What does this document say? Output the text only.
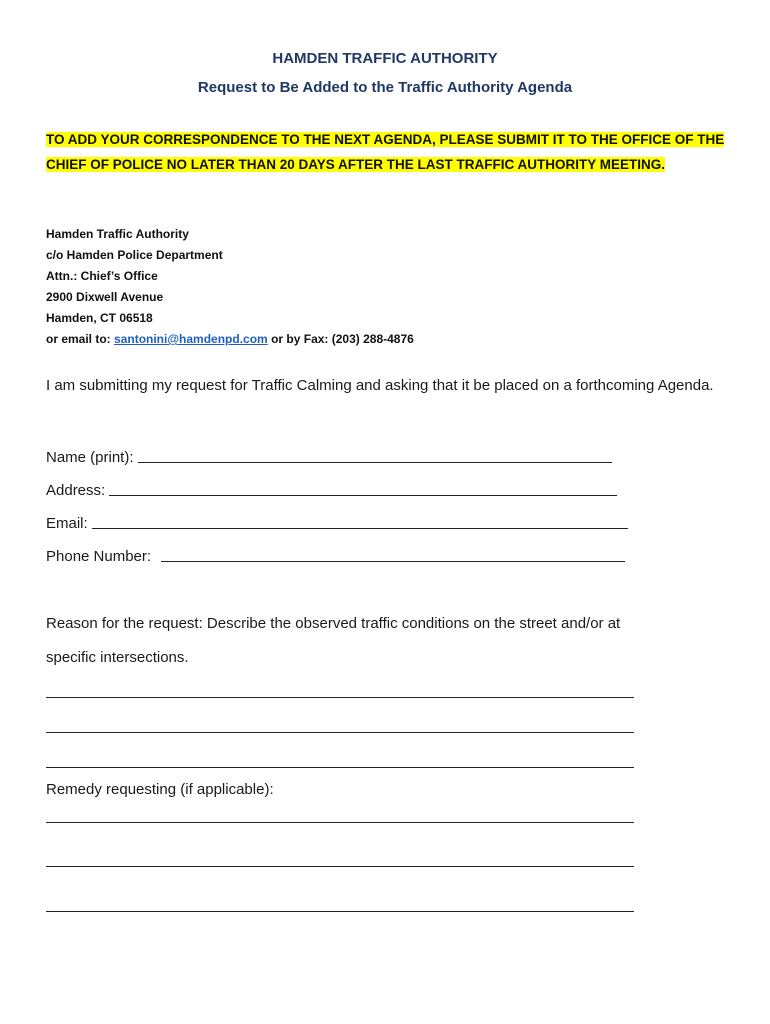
HAMDEN TRAFFIC AUTHORITY
Request to Be Added to the Traffic Authority Agenda
TO ADD YOUR CORRESPONDENCE TO THE NEXT AGENDA, PLEASE SUBMIT IT TO THE OFFICE OF THE CHIEF OF POLICE NO LATER THAN 20 DAYS AFTER THE LAST TRAFFIC AUTHORITY MEETING.
Hamden Traffic Authority
c/o Hamden Police Department
Attn.: Chief’s Office
2900 Dixwell Avenue
Hamden, CT 06518
or email to: santonini@hamdenpd.com or by Fax: (203) 288-4876
I am submitting my request for Traffic Calming and asking that it be placed on a forthcoming Agenda.
Name (print):
Address:
Email:
Phone Number:
Reason for the request: Describe the observed traffic conditions on the street and/or at
specific intersections.
Remedy requesting (if applicable):
